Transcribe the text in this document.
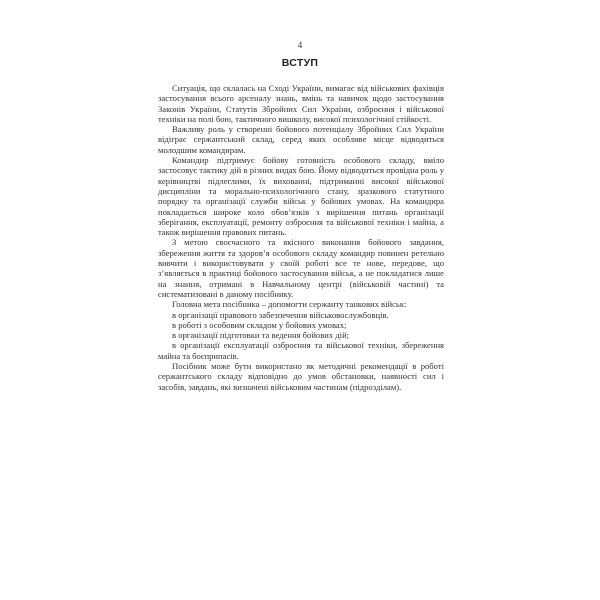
4
ВСТУП

Ситуація, що склалась на Сході України, вимагає від військових фахівців застосування всього арсеналу знань, вмінь та навичок щодо застосування Законів України, Статутів Збройних Сил України, озброєння і військової техніки на полі бою, тактичного вишколу, високої психологічної стійкості.

Важливу роль у створенні бойового потенціалу Збройних Сил України відіграє сержантський склад, серед яких особливе місце відводиться молодшим командирам.

Командир підтримує бойову готовність особового складу, вміло застосовує тактику дій в різних видах бою. Йому відводиться провідна роль у керівництві підлеглими, їх вихованні, підтриманні високої військової дисципліни та морально-психологічного стану, зразкового статутного порядку та організації служби військ у бойових умовах. На командира покладається широке коло обов’язків з вирішення питань організації зберігання, експлуатації, ремонту озброєння та військової техніки і майна, а також вирішення правових питань.

З метою своєчасного та якісного виконання бойового завдання, збереження життя та здоров’я особового складу командир повинен ретельно вивчити і використовувати у своїй роботі все те нове, передове, що з’являється в практиці бойового застосування військ, а не покладатися лише на знання, отримані в Навчальному центрі (військовій частині) та систематизовані в даному посібнику.

Головна мета посібника – допомогти сержанту танкових військ:

в організації правового забезпечення військовослужбовців.

в роботі з особовим складом у бойових умовах;

в організації підготовки та ведення бойових дій;

в організації експлуатації озброєння та військової техніки, збереження майна та боєприпасів.

Посібник може бути використано як методичні рекомендації в роботі сержантського складу відповідно до умов обстановки, наявності сил і засобів, завдань, які визначені військовим частинам (підрозділам).
